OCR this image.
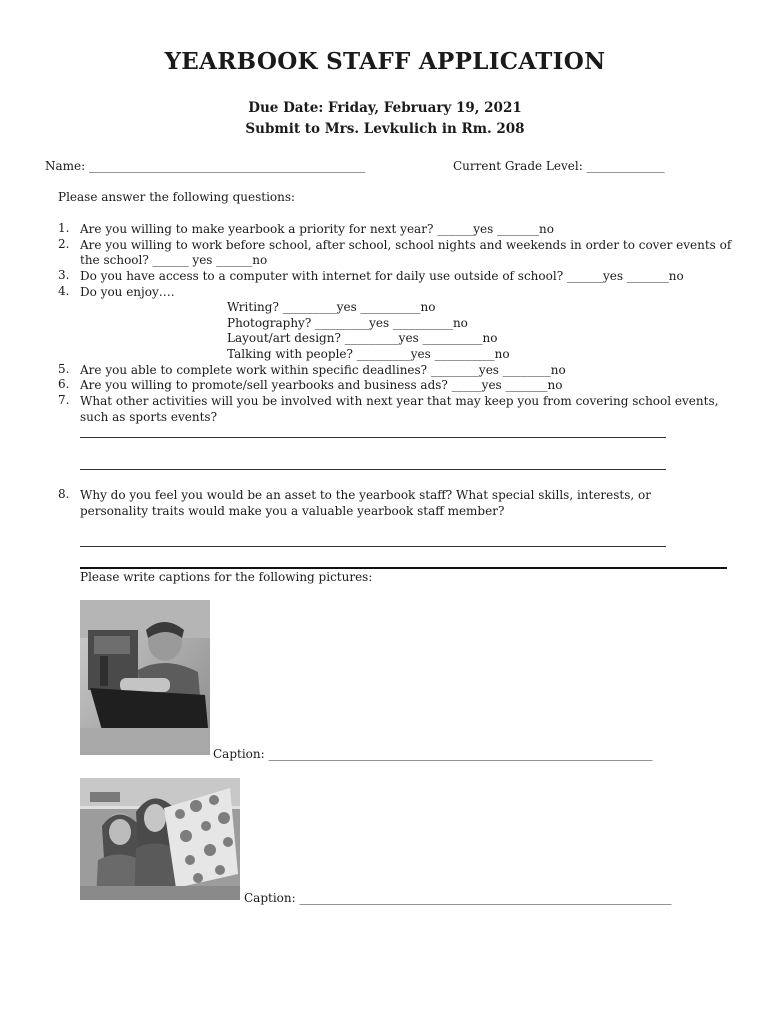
YEARBOOK STAFF APPLICATION
Due Date: Friday, February 19, 2021
Submit to Mrs. Levkulich in Rm. 208
Name: ______________________________________________	Current Grade Level: _____________
Please answer the following questions:
1. Are you willing to make yearbook a priority for next year? ______yes _______no
2. Are you willing to work before school, after school, school nights and weekends in order to cover events of
the school? ______ yes ______no
3. Do you have access to a computer with internet for daily use outside of school? ______yes _______no
4. Do you enjoy….
Writing? _________yes __________no
Photography? _________yes __________no
Layout/art design? _________yes __________no
Talking with people? _________yes __________no
5. Are you able to complete work within specific deadlines? ________yes ________no
6. Are you willing to promote/sell yearbooks and business ads? _____yes _______no
7. What other activities will you be involved with next year that may keep you from covering school events,
such as sports events?
8. Why do you feel you would be an asset to the yearbook staff? What special skills, interests, or
personality traits would make you a valuable yearbook staff member?
Please write captions for the following pictures:
Caption: ________________________________________________________________
Caption: ______________________________________________________________
